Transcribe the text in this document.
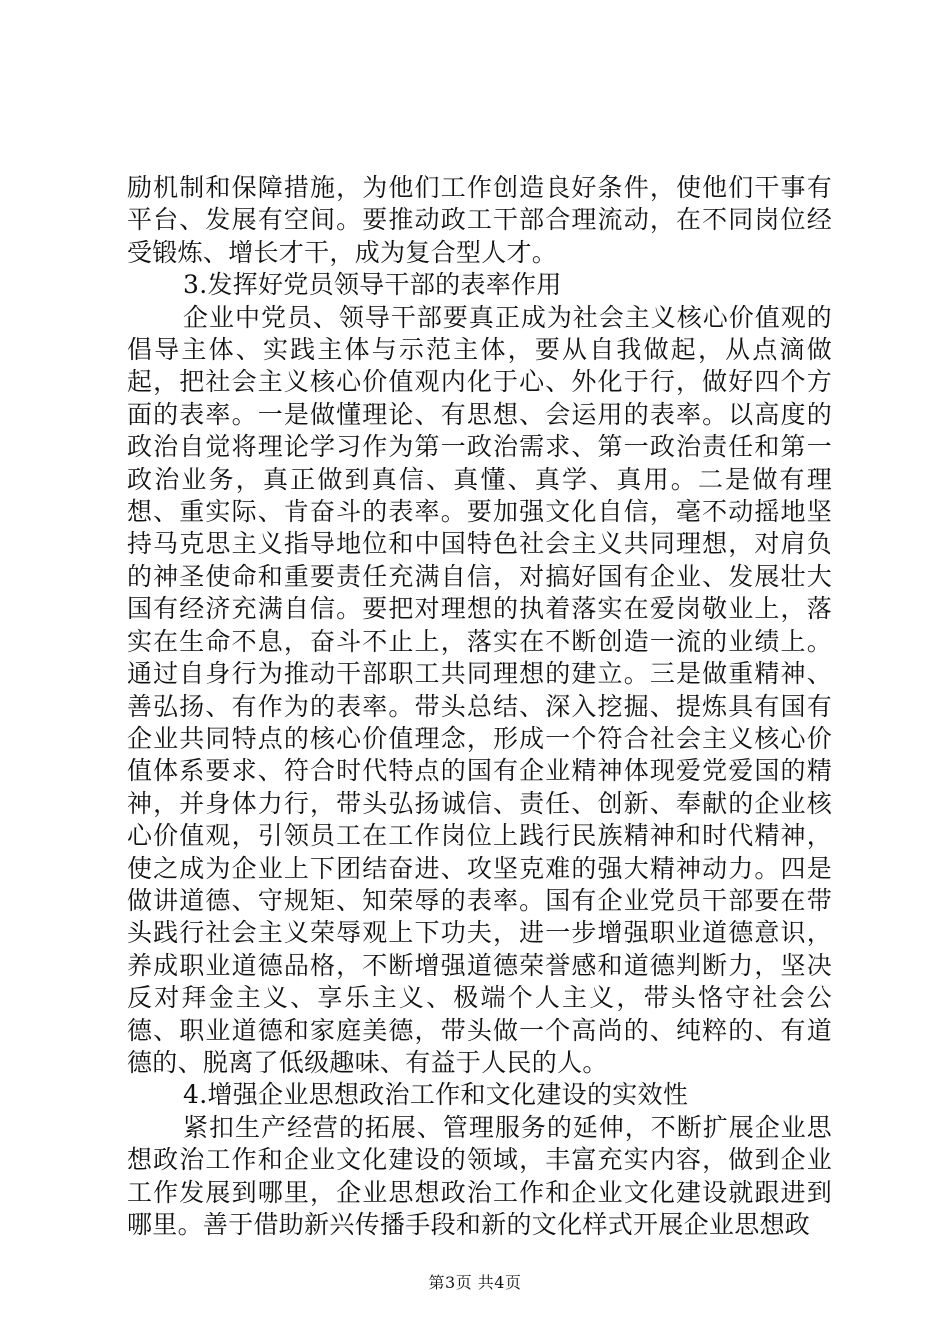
励机制和保障措施，为他们工作创造良好条件，使他们干事有平台、发展有空间。要推动政工干部合理流动，在不同岗位经受锻炼、增长才干，成为复合型人才。

3.发挥好党员领导干部的表率作用

企业中党员、领导干部要真正成为社会主义核心价值观的倡导主体、实践主体与示范主体，要从自我做起，从点滴做起，把社会主义核心价值观内化于心、外化于行，做好四个方面的表率。一是做懂理论、有思想、会运用的表率。以高度的政治自觉将理论学习作为第一政治需求、第一政治责任和第一政治业务，真正做到真信、真懂、真学、真用。二是做有理想、重实际、肯奋斗的表率。要加强文化自信，毫不动摇地坚持马克思主义指导地位和中国特色社会主义共同理想，对肩负的神圣使命和重要责任充满自信，对搞好国有企业、发展壮大国有经济充满自信。要把对理想的执着落实在爱岗敬业上，落实在生命不息，奋斗不止上，落实在不断创造一流的业绩上。通过自身行为推动干部职工共同理想的建立。三是做重精神、善弘扬、有作为的表率。带头总结、深入挖掘、提炼具有国有企业共同特点的核心价值理念，形成一个符合社会主义核心价值体系要求、符合时代特点的国有企业精神体现爱党爱国的精神，并身体力行，带头弘扬诚信、责任、创新、奉献的企业核心价值观，引领员工在工作岗位上践行民族精神和时代精神，使之成为企业上下团结奋进、攻坚克难的强大精神动力。四是做讲道德、守规矩、知荣辱的表率。国有企业党员干部要在带头践行社会主义荣辱观上下功夫，进一步增强职业道德意识，养成职业道德品格，不断增强道德荣誉感和道德判断力，坚决反对拜金主义、享乐主义、极端个人主义，带头恪守社会公德、职业道德和家庭美德，带头做一个高尚的、纯粹的、有道德的、脱离了低级趣味、有益于人民的人。

4.增强企业思想政治工作和文化建设的实效性

紧扣生产经营的拓展、管理服务的延伸，不断扩展企业思想政治工作和企业文化建设的领域，丰富充实内容，做到企业工作发展到哪里，企业思想政治工作和企业文化建设就跟进到哪里。善于借助新兴传播手段和新的文化样式开展企业思想政

第3页 共4页
